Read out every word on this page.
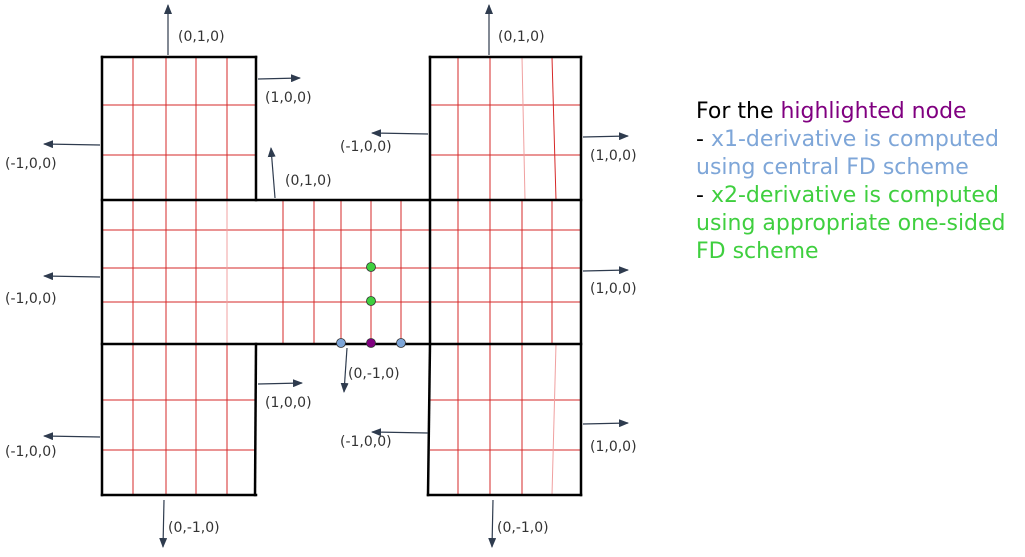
(0,1,0)	(0,1,0)
(0,1,0)
(1,0,0)
(1,0,0)
(1,0,0)
(1,0,0)
(1,0,0)
(-1,0,0)
(-1,0,0)
(-1,0,0)
(-1,0,0)
(-1,0,0)
(0,-1,0)	(0,-1,0)
(0,-1,0)

For the highlighted node

- x1-derivative is computed using central FD scheme

- x2-derivative is computed using appropriate one-sided FD scheme
